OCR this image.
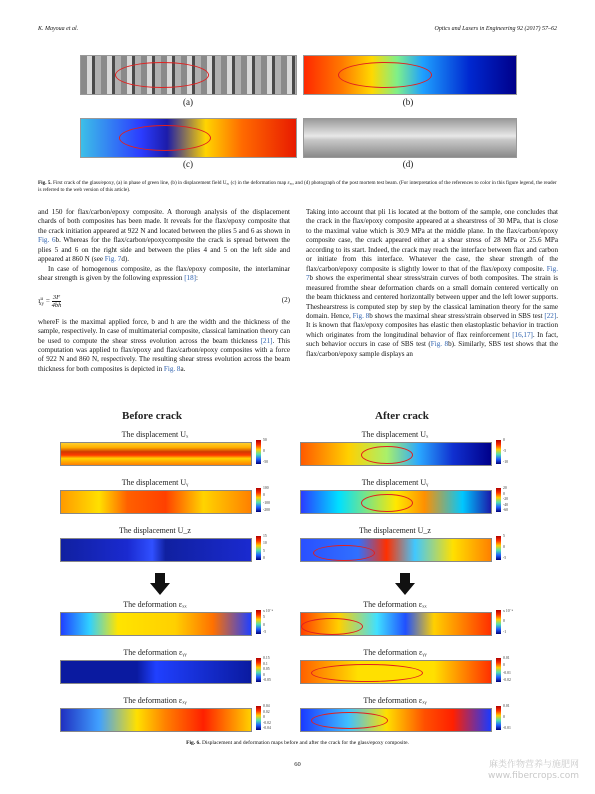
K. Mayoua et al.	Optics and Lasers in Engineering 92 (2017) 57–62
(a)	(b)
(c)	(d)
Fig. 5. First crack of the glass/epoxy, (a) in phase of green line, (b) in displacement field Uₓ, (c) in the deformation map εₓᵧ, and (d) photograph of the post mortem test beam. (For interpretation of the references to color in this figure legend, the reader is referred to the web version of this article).

and 150 for flax/carbon/epoxy composite. A thorough analysis of the displacement chards of both composites has been made. It reveals for the flax/epoxy composite that the crack initiation appeared at 922 N and located between the plies 5 and 6 as shown in Fig. 6b. Whereas for the flax/carbon/epoxycomposite the crack is spread between the plies 5 and 6 on the right side and between the plies 4 and 5 on the left side and appeared at 860 N (see Fig. 7d).

In case of homogenous composite, as the flax/epoxy composite, the interlaminar shear strength is given by the following expression [18]:

$\tau^u_{xy} = \frac{3F}{4bh}$	(2)

whereF is the maximal applied force, b and h are the width and the thickness of the sample, respectively. In case of multimaterial composite, classical lamination theory can be used to compute the shear stress evolution across the beam thickness [21]. This computation was applied to flax/epoxy and flax/carbon/epoxy composites with a force of 922 N and 860 N, respectively. The resulting shear stress evolution across the beam thickness for both composites is depicted in Fig. 8a.

Taking into account that pli 1is located at the bottom of the sample, one concludes that the crack in the flax/epoxy composite appeared at a shearstress of 30 MPa, that is close to the maximal value which is 30.9 MPa at the middle plane. In the flax/carbon/epoxy composite case, the crack appeared either at a shear stress of 28 MPa or 25.6 MPa according to its start. Indeed, the crack may reach the interface between flax and carbon or initiate from this interface. Whatever the case, the shear strength of the flax/carbon/epoxy composite is slightly lower to that of the flax/epoxy composite. Fig. 7b shows the experimental shear stress/strain curves of both composites. The strain is measured fromthe shear deformation chards on a small domain centered vertically on the beam thickness and centered horizontally between upper and the left lower supports. Theshearstress is computed step by step by the classical lamination theory for the same domain. Hence, Fig. 8b shows the maximal shear stress/strain observed in SBS test [22]. It is known that flax/epoxy composites has elastic then elastoplastic behavior in traction which originates from the longitudinal behavior of flax reinforcement [16,17]. In fact, such behavior occurs in case of SBS test (Fig. 8b). Similarly, SBS test shows that the flax/carbon/epoxy sample displays an

Before crack	After crack
The displacement Uₓ
50
0
-50
The displacement Uₓ
0
-5
-10
The displacement Uᵧ
100
0
-100
-200
The displacement Uᵧ
20
0
-20
-40
-60
The displacement U_z
15
10
5
0
The displacement U_z
5
0
-5
The deformation εₓₓ
x 10⁻⁴
5
0
-5
The deformation εₓₓ
x 10⁻⁴
0
-1
The deformation εᵧᵧ
0.15
0.1
0.05
0
-0.05
The deformation εᵧᵧ
0.01
0
-0.01
-0.02
The deformation εₓᵧ
0.04
0.02
0
-0.02
-0.04
The deformation εₓᵧ
0.01
0
-0.01
Fig. 6. Displacement and deformation maps before and after the crack for the glass/epoxy composite.
60	麻类作物营养与施肥网
www.fibercrops.com
